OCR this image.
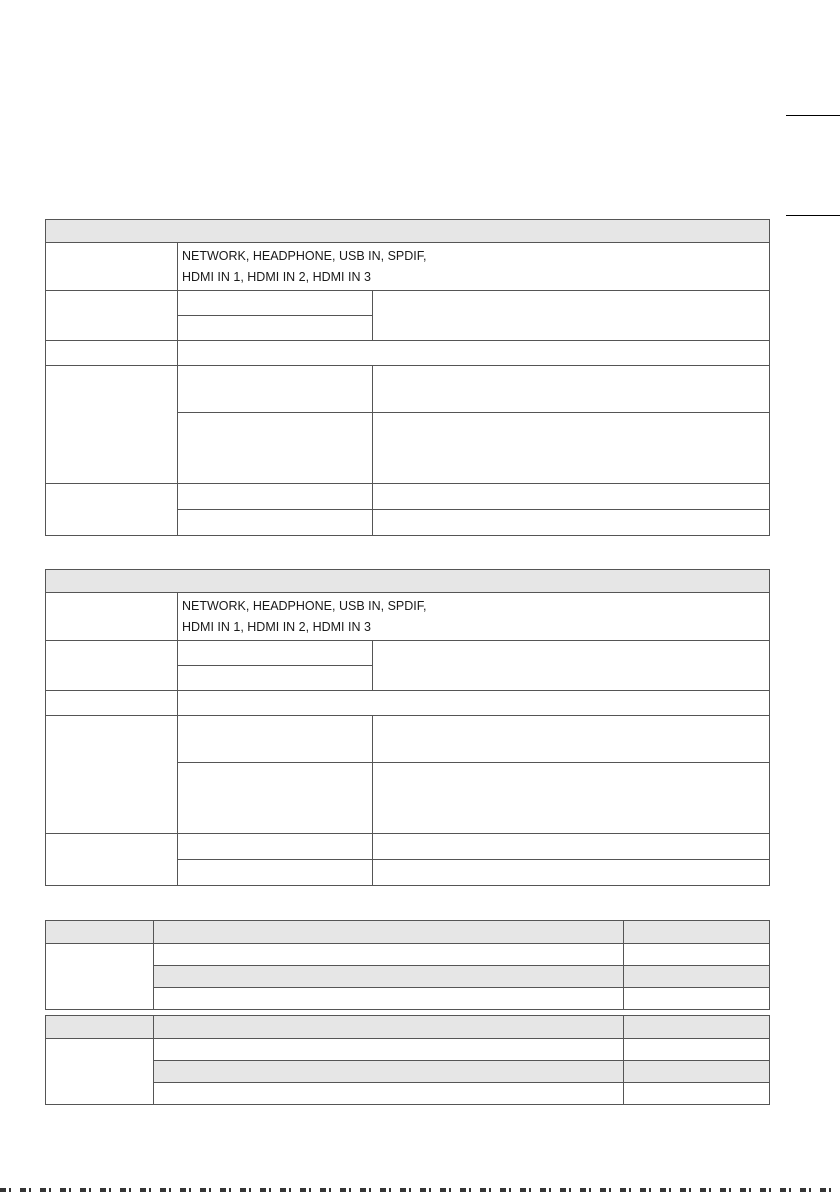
	NETWORK, HEADPHONE, USB IN, SPDIF,
HDMI IN 1, HDMI IN 2, HDMI IN 3	

	NETWORK, HEADPHONE, USB IN, SPDIF,
HDMI IN 1, HDMI IN 2, HDMI IN 3	
